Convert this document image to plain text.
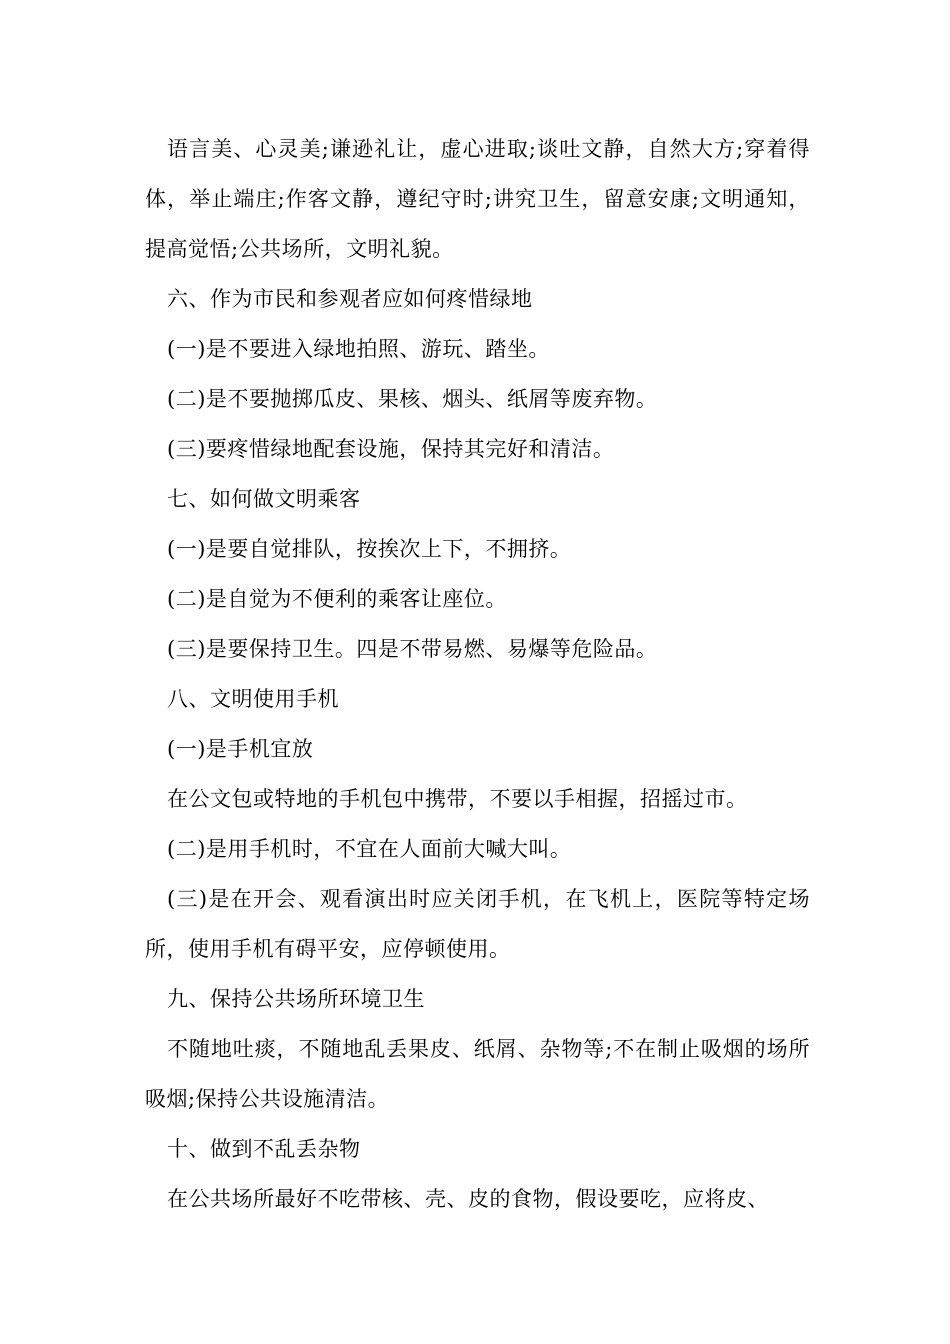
语言美、心灵美;谦逊礼让，虚心进取;谈吐文静，自然大方;穿着得体，举止端庄;作客文静，遵纪守时;讲究卫生，留意安康;文明通知，提高觉悟;公共场所，文明礼貌。

六、作为市民和参观者应如何疼惜绿地

(一)是不要进入绿地拍照、游玩、踏坐。

(二)是不要抛掷瓜皮、果核、烟头、纸屑等废弃物。

(三)要疼惜绿地配套设施，保持其完好和清洁。

七、如何做文明乘客

(一)是要自觉排队，按挨次上下，不拥挤。

(二)是自觉为不便利的乘客让座位。

(三)是要保持卫生。四是不带易燃、易爆等危险品。

八、文明使用手机

(一)是手机宜放

在公文包或特地的手机包中携带，不要以手相握，招摇过市。

(二)是用手机时，不宜在人面前大喊大叫。

(三)是在开会、观看演出时应关闭手机，在飞机上，医院等特定场所，使用手机有碍平安，应停顿使用。

九、保持公共场所环境卫生

不随地吐痰，不随地乱丢果皮、纸屑、杂物等;不在制止吸烟的场所吸烟;保持公共设施清洁。

十、做到不乱丢杂物

在公共场所最好不吃带核、壳、皮的食物，假设要吃，应将皮、
